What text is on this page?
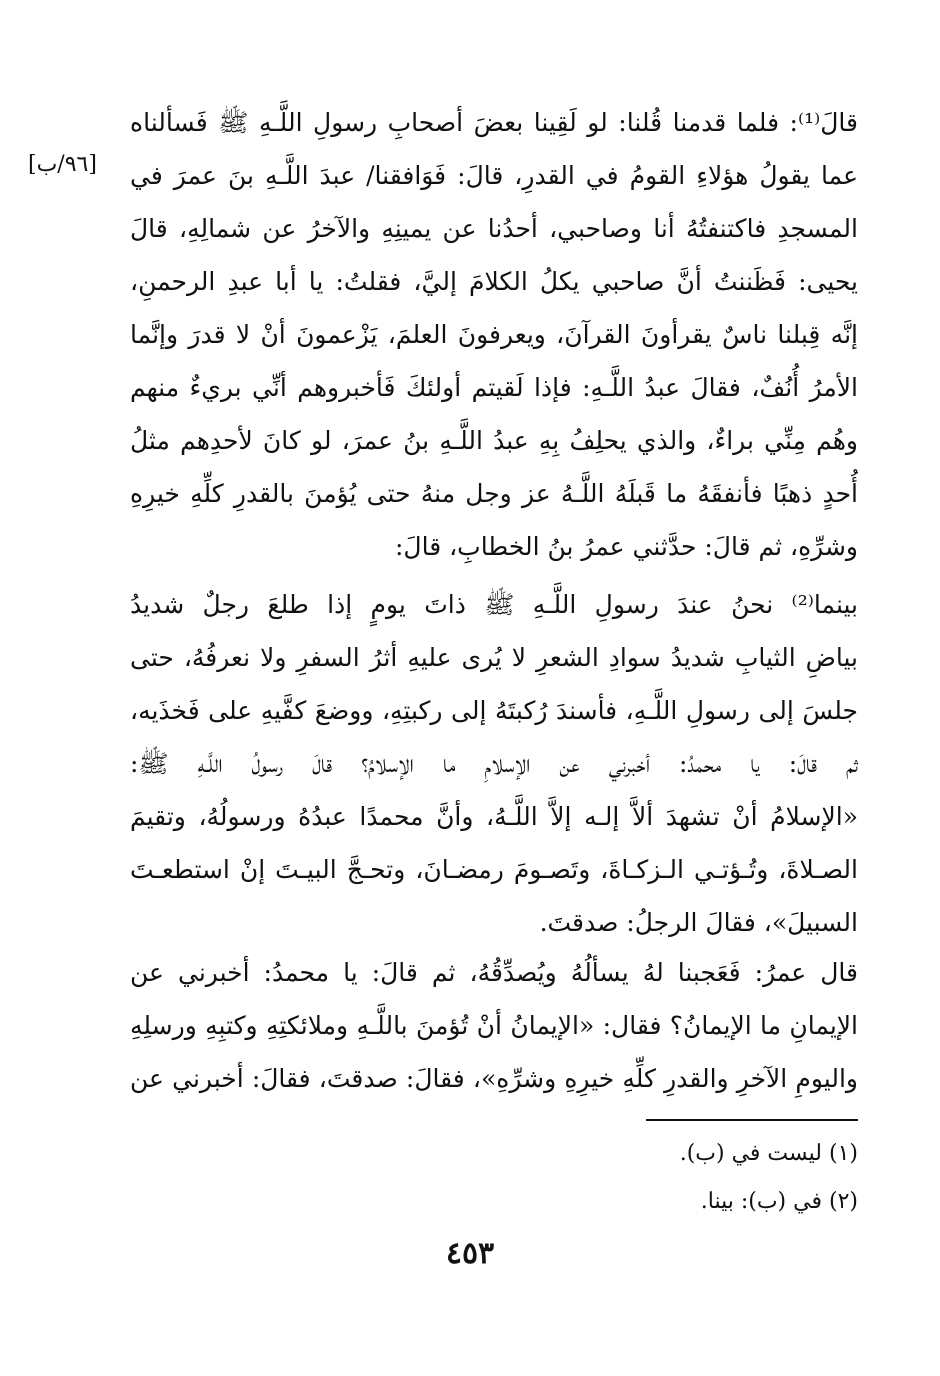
[٩٦/ب]
قالَ⁽¹⁾: فلما قدمنا قُلنا: لو لَقِينا بعضَ أصحابِ رسولِ اللَّـهِ ﷺ فَسألناه
عما يقولُ هؤلاءِ القومُ في القدرِ، قالَ: فَوَافقنا/ عبدَ اللَّـهِ بنَ عمرَ في
المسجدِ فاكتنفتُهُ أنا وصاحبي، أحدُنا عن يمينِهِ والآخرُ عن شمالِهِ، قالَ
يحيى: فَظَننتُ أنَّ صاحبي يكلُ الكلامَ إليَّ، فقلتُ: يا أبا عبدِ الرحمنِ،
إنَّه قِبلنا ناسٌ يقرأونَ القرآنَ، ويعرفونَ العلمَ، يَزْعمونَ أنْ لا قدرَ وإنَّما
الأمرُ أُنُفٌ، فقالَ عبدُ اللَّـهِ: فإذا لَقيتم أولئكَ فَأخبروهم أنِّي بريءٌ منهم
وهُم مِنِّي براءٌ، والذي يحلِفُ بِهِ عبدُ اللَّـهِ بنُ عمرَ، لو كانَ لأحدِهم مثلُ
أُحدٍ ذهبًا فأنفقَهُ ما قَبلَهُ اللَّـهُ عز وجل منهُ حتى يُؤمنَ بالقدرِ كلِّهِ خيرِهِ
وشرِّهِ، ثم قالَ: حدَّثني عمرُ بنُ الخطابِ، قالَ:
بينما⁽²⁾ نحنُ عندَ رسولِ اللَّـهِ ﷺ ذاتَ يومٍ إذا طلعَ رجلٌ شديدُ
بياضِ الثيابِ شديدُ سوادِ الشعرِ لا يُرى عليهِ أثرُ السفرِ ولا نعرفُهُ، حتى
جلسَ إلى رسولِ اللَّـهِ، فأسندَ رُكبتَهُ إلى ركبتِهِ، ووضعَ كفَّيهِ على فَخذَيه،
ثم قالَ: يا محمدُ: أخبرني عن الإسلامِ ما الإسلامُ؟ قالَ رسولُ اللَّـهِ ﷺ:
«الإسلامُ أنْ تشهدَ ألاَّ إلـه إلاَّ اللَّـهُ، وأنَّ محمدًا عبدُهُ ورسولُهُ، وتقيمَ
الصـلاةَ، وتُـؤتـي الـزكـاةَ، وتَصـومَ رمضـانَ، وتحـجَّ البيـتَ إنْ استطعـتَ
السبيلَ»، فقالَ الرجلُ: صدقتَ.
قال عمرُ: فَعَجبنا لهُ يسألُهُ ويُصدِّقُهُ، ثم قالَ: يا محمدُ: أخبرني عن
الإيمانِ ما الإيمانُ؟ فقال: «الإيمانُ أنْ تُؤمنَ باللَّـهِ وملائكتِهِ وكتبِهِ ورسلِهِ
واليومِ الآخرِ والقدرِ كلِّهِ خيرِهِ وشرِّهِ»، فقالَ: صدقتَ، فقالَ: أخبرني عن
(١) ليست في (ب).
(٢) في (ب): بينا.
٤٥٣
